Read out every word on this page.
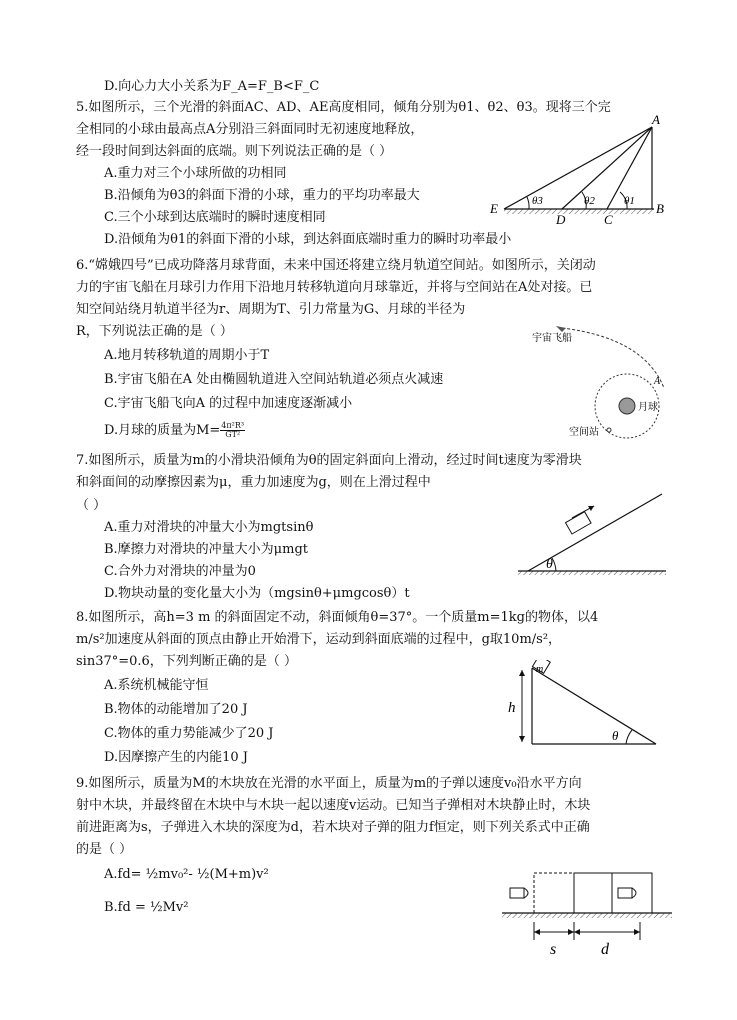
D.向心力大小关系为F_A=F_B<F_C
5.如图所示，三个光滑的斜面AC、AD、AE高度相同，倾角分别为θ1、θ2、θ3。现将三个完
全相同的小球由最高点A分别沿三斜面同时无初速度地释放，
经一段时间到达斜面的底端。则下列说法正确的是（ ）
A.重力对三个小球所做的功相同
B.沿倾角为θ3的斜面下滑的小球，重力的平均功率最大
C.三个小球到达底端时的瞬时速度相同
D.沿倾角为θ1的斜面下滑的小球，到达斜面底端时重力的瞬时功率最小
A
B
C
D
E	θ3	θ2	θ1
6.“嫦娥四号”已成功降落月球背面，未来中国还将建立绕月轨道空间站。如图所示，关闭动
力的宇宙飞船在月球引力作用下沿地月转移轨道向月球靠近，并将与空间站在A处对接。已
知空间站绕月轨道半径为r、周期为T、引力常量为G、月球的半径为
R，下列说法正确的是（ ）
A.地月转移轨道的周期小于T
B.宇宙飞船在A 处由椭圆轨道进入空间站轨道必须点火减速
C.宇宙飞船飞向A 的过程中加速度逐渐减小
D.月球的质量为$M= \frac{\text{4π²R³}}{\text{GT²}}$
宇宙飞船
A
月球
空间站
7.如图所示，质量为m的小滑块沿倾角为θ的固定斜面向上滑动，经过时间t速度为零滑块
和斜面间的动摩擦因素为μ，重力加速度为g，则在上滑过程中
（ ）
A.重力对滑块的冲量大小为mgtsinθ
B.摩擦力对滑块的冲量大小为μmgt
C.合外力对滑块的冲量为0
D.物块动量的变化量大小为（mgsinθ+μmgcosθ）t
θ
8.如图所示，高h=3 m 的斜面固定不动，斜面倾角θ=37°。一个质量m=1kg的物体，以4
m/s²加速度从斜面的顶点由静止开始滑下，运动到斜面底端的过程中，g取10m/s²，
sin37°=0.6，下列判断正确的是（ ）
A.系统机械能守恒
B.物体的动能增加了20 J
C.物体的重力势能减少了20 J
D.因摩擦产生的内能10 J
m
h
θ
9.如图所示，质量为M的木块放在光滑的水平面上，质量为m的子弹以速度v₀沿水平方向
射中木块，并最终留在木块中与木块一起以速度v运动。已知当子弹相对木块静止时，木块
前进距离为s，子弹进入木块的深度为d，若木块对子弹的阻力f恒定，则下列关系式中正确
的是（ ）
A.fd= ½mv₀²- ½(M+m)v²
B.fd = ½Mv²
s	d
